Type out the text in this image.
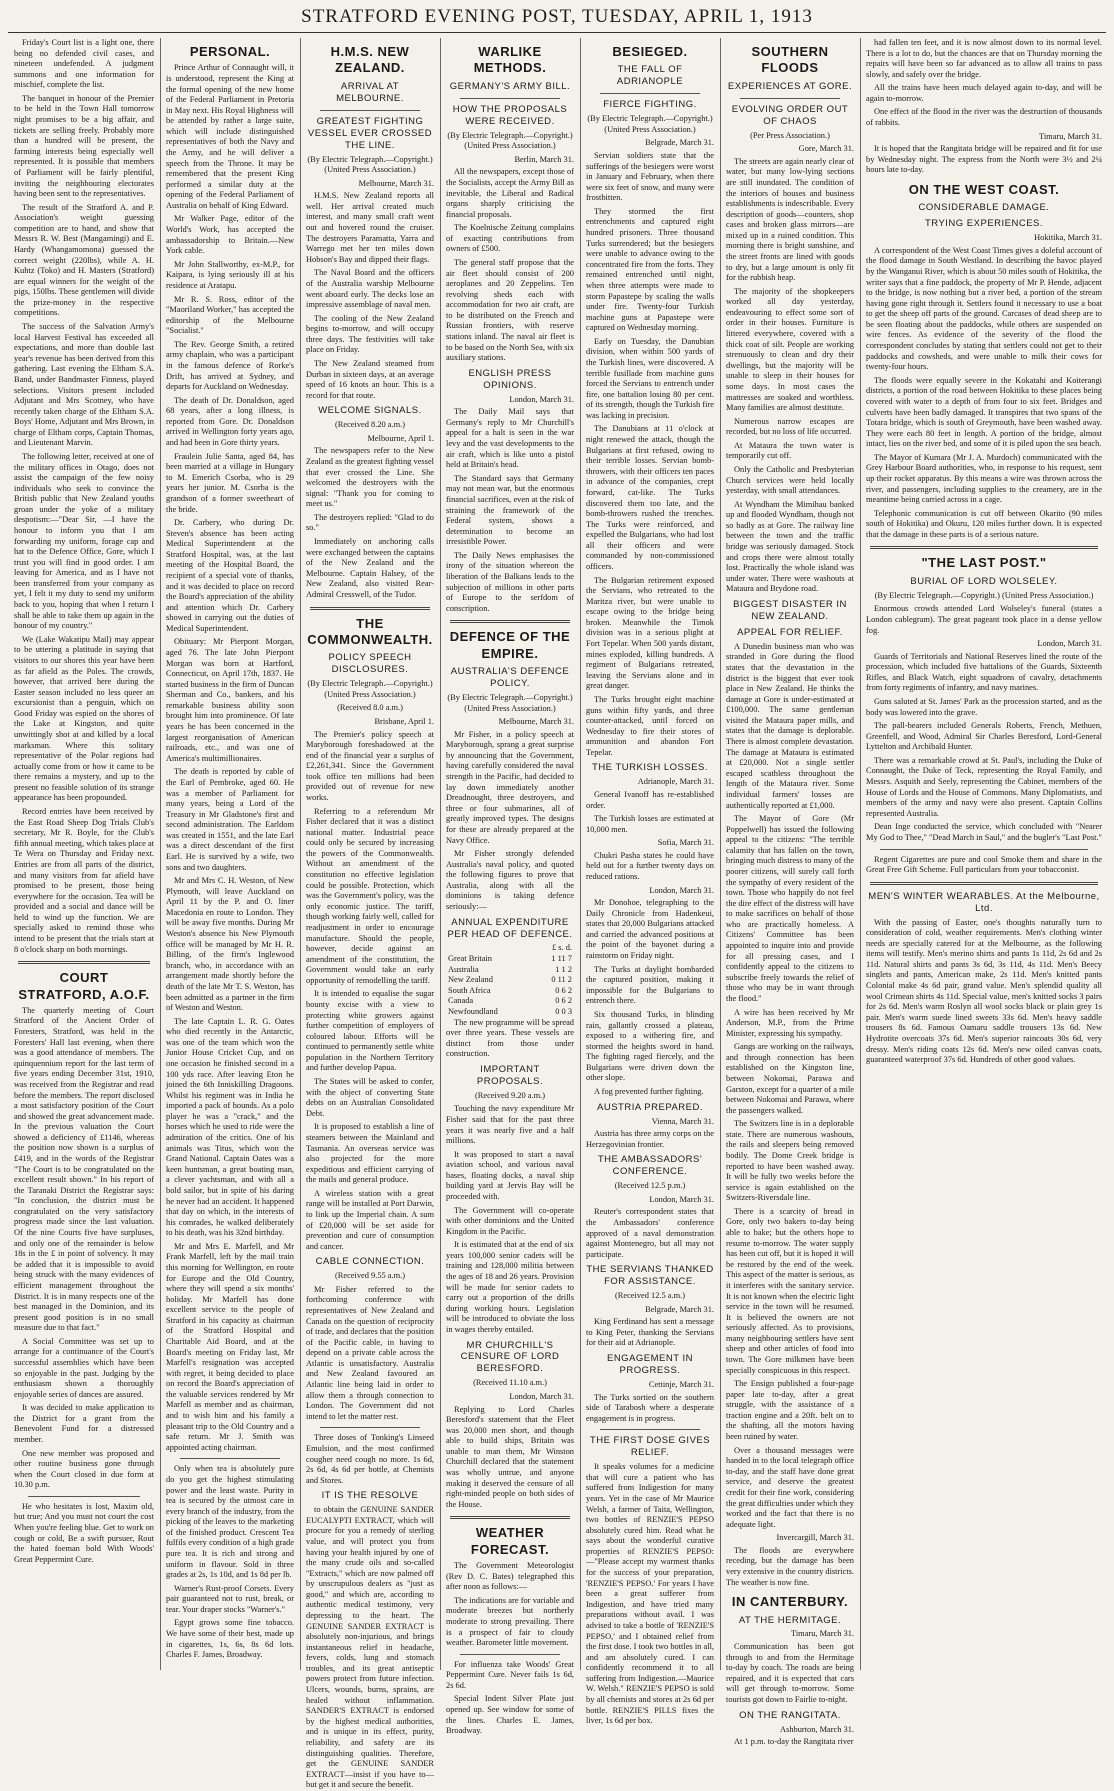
STRATFORD EVENING POST, TUESDAY, APRIL 1, 1913

Friday's Court list is a light one, there being no defended civil cases, and nineteen undefended. A judgment summons and one information for mischief, complete the list.

The banquet in honour of the Premier to be held in the Town Hall tomorrow night promises to be a big affair, and tickets are selling freely. Probably more than a hundred will be present, the farming interests being especially well represented. It is possible that members of Parliament will be fairly plentiful, inviting the neighbouring electorates having been sent to the representatives.

The result of the Stratford A. and P. Association's weight guessing competition are to hand, and show that Messrs R. W. Best (Mangamingi) and E. Hardy (Whangamomona) guessed the correct weight (220lbs), while A. H. Kuhtz (Toko) and H. Masters (Stratford) are equal winners for the weight of the pigs, 150lbs. These gentlemen will divide the prize-money in the respective competitions.

The success of the Salvation Army's local Harvest Festival has exceeded all expectations, and more than double last year's revenue has been derived from this gathering. Last evening the Eltham S.A. Band, under Bandmaster Finness, played selections. Visitors present included Adjutant and Mrs Scotney, who have recently taken charge of the Eltham S.A. Boys' Home, Adjutant and Mrs Brown, in charge of Eltham corps, Captain Thomas, and Lieutenant Marvin.

The following letter, received at one of the military offices in Otago, does not assist the campaign of the few noisy individuals who seek to convince the British public that New Zealand youths groan under the yoke of a military despotism:—"Dear Sir, —I have the honour to inform you that I am forwarding my uniform, forage cap and hat to the Defence Office, Gore, which I trust you will find in good order. I am leaving for America, and as I have not been transferred from your company as yet, I felt it my duty to send my uniform back to you, hoping that when I return I shall be able to take them up again in the honour of my country."

We (Lake Wakatipu Mail) may appear to be uttering a platitude in saying that visitors to our shores this year have been as far afield as the Poles. The crowds, however, that arrived here during the Easter season included no less queer an excursionist than a penguin, which on Good Friday was espied on the shores of the Lake at Kingston, and quite unwittingly shot at and killed by a local marksman. Where this solitary representative of the Polar regions had actually come from or how it came to be there remains a mystery, and up to the present no feasible solution of its strange appearance has been propounded.

Record entries have been received by the East Road Sheep Dog Trials Club's secretary, Mr R. Boyle, for the Club's fifth annual meeting, which takes place at Te Wera on Thursday and Friday next. Entries are from all parts of the district, and many visitors from far afield have promised to be present, those being everywhere for the occasion. Tea will be provided and a social and dance will be held to wind up the function. We are specially asked to remind those who intend to be present that the trials start at 8 o'clock sharp on both mornings.

COURT STRATFORD, A.O.F.

The quarterly meeting of Court Stratford of the Ancient Order of Foresters, Stratford, was held in the Foresters' Hall last evening, when there was a good attendance of members. The quinquennium report for the last term of five years ending December 31st, 1910, was received from the Registrar and read before the members. The report disclosed a most satisfactory position of the Court and showed the great advancement made. In the previous valuation the Court showed a deficiency of £1146, whereas the position now shown is a surplus of £419, and in the words of the Registrar "The Court is to be congratulated on the excellent result shown." In his report of the Taranaki District the Registrar says: "In conclusion, the district must be congratulated on the very satisfactory progress made since the last valuation. Of the nine Courts five have surpluses, and only one of the remainder is below 18s in the £ in point of solvency. It may be added that it is impossible to avoid being struck with the many evidences of efficient management throughout the District. It is in many respects one of the best managed in the Dominion, and its present good position is in no small measure due to that fact."

A Social Committee was set up to arrange for a continuance of the Court's successful assemblies which have been so enjoyable in the past. Judging by the enthusiasm shown a thoroughly enjoyable series of dances are assured.

It was decided to make application to the District for a grant from the Benevolent Fund for a distressed member.

One new member was proposed and other routine business gone through when the Court closed in due form at 10.30 p.m.

He who hesitates is lost, Maxim old, but true; And you must not court the cost When you're feeling blue. Get to work on cough or cold, Be a swift pursuer, Rout the hated foeman bold With Woods' Great Peppermint Cure.

PERSONAL.

Prince Arthur of Connaught will, it is understood, represent the King at the formal opening of the new home of the Federal Parliament in Pretoria in May next. His Royal Highness will be attended by rather a large suite, which will include distinguished representatives of both the Navy and the Army, and he will deliver a speech from the Throne. It may be remembered that the present King performed a similar duty at the opening of the Federal Parliament of Australia on behalf of King Edward.

Mr Walker Page, editor of the World's Work, has accepted the ambassadorship to Britain.—New York cable.

Mr John Stallworthy, ex-M.P., for Kaipara, is lying seriously ill at his residence at Aratapu.

Mr R. S. Ross, editor of the "Maoriland Worker," has accepted the editorship of the Melbourne "Socialist."

The Rev. George Smith, a retired army chaplain, who was a participant in the famous defence of Rorke's Drift, has arrived at Sydney, and departs for Auckland on Wednesday.

The death of Dr. Donaldson, aged 68 years, after a long illness, is reported from Gore. Dr. Donaldson arrived in Wellington forty years ago, and had been in Gore thirty years.

Fraulein Julie Santa, aged 84, has been married at a village in Hungary to M. Emerich Csorba, who is 29 years her junior. M. Csorba is the grandson of a former sweetheart of the bride.

Dr. Carbery, who during Dr. Steven's absence has been acting Medical Superintendent at the Stratford Hospital, was, at the last meeting of the Hospital Board, the recipient of a special vote of thanks, and it was decided to place on record the Board's appreciation of the ability and attention which Dr. Carbery showed in carrying out the duties of Medical Superintendent.

Obituary: Mr Pierpont Morgan, aged 76. The late John Pierpont Morgan was born at Hartford, Connecticut, on April 17th, 1837. He started business in the firm of Duncan Sherman and Co., bankers, and his remarkable business ability soon brought him into prominence. Of late years he has been concerned in the largest reorganisation of American railroads, etc., and was one of America's multimillionaires.

The death is reported by cable of the Earl of Pembroke, aged 60. He was a member of Parliament for many years, being a Lord of the Treasury in Mr Gladstone's first and second administration. The Earldom was created in 1551, and the late Earl was a direct descendant of the first Earl. He is survived by a wife, two sons and two daughters.

Mr and Mrs C. H. Weston, of New Plymouth, will leave Auckland on April 11 by the P. and O. liner Macedonia en route to London. They will be away five months. During Mr Weston's absence his New Plymouth office will be managed by Mr H. R. Billing, of the firm's Inglewood branch, who, in accordance with an arrangement made shortly before the death of the late Mr T. S. Weston, has been admitted as a partner in the firm of Weston and Weston.

The late Captain L. R. G. Oates who died recently in the Antarctic, was one of the team which won the Junior House Cricket Cup, and on one occasion he finished second in a 100 yds race. After leaving Eton he joined the 6th Inniskilling Dragoons. Whilst his regiment was in India he imported a pack of hounds. As a polo player he was a "crack," and the horses which he used to ride were the admiration of the critics. One of his animals was Titus, which won the Grand National. Captain Oates was a keen huntsman, a great boating man, a clever yachtsman, and with all a bold sailor, but in spite of his daring he never had an accident. It happened that day on which, in the interests of his comrades, he walked deliberately to his death, was his 32nd birthday.

Mr and Mrs E. Marfell, and Mr Frank Marfell, left by the mail train this morning for Wellington, en route for Europe and the Old Country, where they will spend a six months' holiday. Mr Marfell has done excellent service to the people of Stratford in his capacity as chairman of the Stratford Hospital and Charitable Aid Board, and at the Board's meeting on Friday last, Mr Marfell's resignation was accepted with regret, it being decided to place on record the Board's appreciation of the valuable services rendered by Mr Marfell as member and as chairman, and to wish him and his family a pleasant trip to the Old Country and a safe return. Mr J. Smith was appointed acting chairman.

Only when tea is absolutely pure do you get the highest stimulating power and the least waste. Purity in tea is secured by the utmost care in every branch of the industry, from the picking of the leaves to the marketing of the finished product. Crescent Tea fulfils every condition of a high grade pure tea. It is rich and strong and uniform in flavour. Sold in three grades at 2s, 1s 10d, and 1s 8d per lb.

Warner's Rust-proof Corsets. Every pair guaranteed not to rust, break, or tear. Your draper stocks "Warner's."

Egypt grows some fine tobacco. We have some of their best, made up in cigarettes, 1s, 6s, 8s 6d lots. Charles F. James, Broadway.

H.M.S. NEW ZEALAND.
ARRIVAL AT MELBOURNE.
GREATEST FIGHTING VESSEL EVER CROSSED THE LINE.

(By Electric Telegraph.—Copyright.) (United Press Association.)

Melbourne, March 31.

H.M.S. New Zealand reports all well. Her arrival created much interest, and many small craft went out and hovered round the cruiser. The destroyers Paramatta, Yarra and Warrego met her ten miles down Hobson's Bay and dipped their flags.

The Naval Board and the officers of the Australia warship Melbourne went aboard early. The decks lose an impressive assemblage of naval men.

The cooling of the New Zealand begins to-morrow, and will occupy three days. The festivities will take place on Friday.

The New Zealand steamed from Durban in sixteen days, at an average speed of 16 knots an hour. This is a record for that route.

WELCOME SIGNALS.

(Received 8.20 a.m.)

Melbourne, April 1.

The newspapers refer to the New Zealand as the greatest fighting vessel that ever crossed the Line. She welcomed the destroyers with the signal: "Thank you for coming to meet us."

The destroyers replied: "Glad to do so."

Immediately on anchoring calls were exchanged between the captains of the New Zealand and the Melbourne. Captain Halsey, of the New Zealand, also visited Rear-Admiral Cresswell, of the Tudor.

THE COMMONWEALTH.
POLICY SPEECH DISCLOSURES.

(By Electric Telegraph.—Copyright.) (United Press Association.)

(Received 8.0 a.m.)

Brisbane, April 1.

The Premier's policy speech at Maryborough foreshadowed at the end of the financial year a surplus of £2,261,341. Since the Government took office ten millions had been provided out of revenue for new works.

Referring to a referendum Mr Fisher declared that it was a distinct national matter. Industrial peace could only be secured by increasing the powers of the Commonwealth. Without an amendment of the constitution no effective legislation could be possible. Protection, which was the Government's policy, was the only economic justice. The tariff, though working fairly well, called for readjustment in order to encourage manufacture. Should the people, however, decide against an amendment of the constitution, the Government would take an early opportunity of remodelling the tariff.

It is intended to equalise the sugar bounty excise with a view to protecting white growers against further competition of employers of coloured labour. Efforts will be continued to permanently settle white population in the Northern Territory and further develop Papua.

The States will be asked to confer, with the object of converting State debts on an Australian Consolidated Debt.

It is proposed to establish a line of steamers between the Mainland and Tasmania. An overseas service was also projected for the more expeditious and efficient carrying of the mails and general produce.

A wireless station with a great range will be installed at Port Darwin, to link up the Imperial chain. A sum of £20,000 will be set aside for prevention and cure of consumption and cancer.

CABLE CONNECTION.

(Received 9.55 a.m.)

Mr Fisher referred to the forthcoming conference with representatives of New Zealand and Canada on the question of reciprocity of trade, and declares that the position of the Pacific cable, in having to depend on a private cable across the Atlantic is unsatisfactory. Australia and New Zealand favoured an Atlantic line being laid in order to allow them a through connection to London. The Government did not intend to let the matter rest.

Three doses of Tonking's Linseed Emulsion, and the most confirmed cougher need cough no more. 1s 6d, 2s 6d, 4s 6d per bottle, at Chemists and Stores.

IT IS THE RESOLVE

to obtain the GENUINE SANDER EUCALYPTI EXTRACT, which will procure for you a remedy of sterling value, and will protect you from having your health injured by one of the many crude oils and so-called "Extracts," which are now palmed off by unscrupulous dealers as "just as good," and which are, according to authentic medical testimony, very depressing to the heart. The GENUINE SANDER EXTRACT is absolutely non-injurious, and brings instantaneous relief in headache, fevers, colds, lung and stomach troubles, and its great antiseptic powers protect from future infection. Ulcers, wounds, burns, sprains, are healed without inflammation. SANDER'S EXTRACT is endorsed by the highest medical authorities, and is unique in its effect, purity, reliability, and safety are its distinguishing qualities. Therefore, get the GENUINE SANDER EXTRACT—insist if you have to—but get it and secure the benefit.

WARLIKE METHODS.
GERMANY'S ARMY BILL.
HOW THE PROPOSALS WERE RECEIVED.

(By Electric Telegraph.—Copyright.) (United Press Association.)

Berlin, March 31.

All the newspapers, except those of the Socialists, accept the Army Bill as inevitable, the Liberal and Radical organs sharply criticising the financial proposals.

The Koelnische Zeitung complains of exacting contributions from owners of £500.

The general staff propose that the air fleet should consist of 200 aeroplanes and 20 Zeppelins. Ten revolving sheds each with accommodation for two air craft, are to be distributed on the French and Russian frontiers, with reserve stations inland. The naval air fleet is to be based on the North Sea, with six auxiliary stations.

ENGLISH PRESS OPINIONS.

London, March 31.

The Daily Mail says that Germany's reply to Mr Churchill's appeal for a halt is seen in the war levy and the vast developments to the air craft, which is like unto a pistol held at Britain's head.

The Standard says that Germany may not mean war, but the enormous financial sacrifices, even at the risk of straining the framework of the Federal system, shows a determination to become an irresistible Power.

The Daily News emphasises the irony of the situation whereon the liberation of the Balkans leads to the subjection of millions in other parts of Europe to the serfdom of conscription.

DEFENCE OF THE EMPIRE.
AUSTRALIA'S DEFENCE POLICY.

(By Electric Telegraph.—Copyright.) (United Press Association.)

Melbourne, March 31.

Mr Fisher, in a policy speech at Maryborough, sprang a great surprise by announcing that the Government, having carefully considered the naval strength in the Pacific, had decided to lay down immediately another Dreadnought, three destroyers, and three or four submarines, all of greatly improved types. The designs for these are already prepared at the Navy Office.

Mr Fisher strongly defended Australia's naval policy, and quoted the following figures to prove that Australia, along with all the dominions is taking defence seriously:—

ANNUAL EXPENDITURE PER HEAD OF DEFENCE.
	£ s. d.
Great Britain	1 11 7
Australia	1 1 2
New Zealand	0 11 2
South Africa	0 6 2
Canada	0 6 2
Newfoundland	0 0 3

The new programme will be spread over three years. These vessels are distinct from those under construction.

IMPORTANT PROPOSALS.

(Received 9.20 a.m.)

Touching the navy expenditure Mr Fisher said that for the past three years it was nearly five and a half millions.

It was proposed to start a naval aviation school, and various naval bases, floating docks, a naval ship building yard at Jervis Bay will be proceeded with.

The Government will co-operate with other dominions and the United Kingdom in the Pacific.

It is estimated that at the end of six years 100,000 senior cadets will be training and 128,000 militia between the ages of 18 and 26 years. Provision will be made for senior cadets to carry out a proportion of the drills during working hours. Legislation will be introduced to obviate the loss in wages thereby entailed.

MR CHURCHILL'S CENSURE OF LORD BERESFORD.

(Received 11.10 a.m.)

London, March 31.

Replying to Lord Charles Beresford's statement that the Fleet was 20,000 men short, and though able to build ships, Britain was unable to man them, Mr Winston Churchill declared that the statement was wholly untrue, and anyone making it deserved the censure of all right-minded people on both sides of the House.

WEATHER FORECAST.

The Government Meteorologist (Rev D. C. Bates) telegraphed this after noon as follows:—

The indications are for variable and moderate breezes but northerly moderate to strong prevailing. There is a prospect of fair to cloudy weather. Barometer little movement.

For influenza take Woods' Great Peppermint Cure. Never fails 1s 6d, 2s 6d.

Special Indent Silver Plate just opened up. See window for some of the lines. Charles E. James, Broadway.

BESIEGED.
THE FALL OF ADRIANOPLE
FIERCE FIGHTING.

(By Electric Telegraph.—Copyright.) (United Press Association.)

Belgrade, March 31.

Servian soldiers state that the sufferings of the besiegers were worst in January and February, when there were six feet of snow, and many were frostbitten.

They stormed the first entrenchments and captured eight hundred prisoners. Three thousand Turks surrendered; but the besiegers were unable to advance owing to the concentrated fire from the forts. They remained entrenched until night, when three attempts were made to storm Papastepe by scaling the walls under fire. Twenty-four Turkish machine guns at Papastepe were captured on Wednesday morning.

Early on Tuesday, the Danubian division, when within 500 yards of the Turkish lines, were discovered. A terrible fusillade from machine guns forced the Servians to entrench under fire, one battalion losing 80 per cent. of its strength, though the Turkish fire was lacking in precision.

The Danubians at 11 o'clock at night renewed the attack, though the Bulgarians at first refused, owing to their terrible losses. Servian bomb-throwers, with their officers ten paces in advance of the companies, crept forward, cat-like. The Turks discovered them too late, and the bomb-throwers rushed the trenches. The Turks were reinforced, and expelled the Bulgarians, who had lost all their officers and were commanded by non-commissioned officers.

The Bulgarian retirement exposed the Servians, who retreated to the Maritza river, but were unable to escape owing to the bridge being broken. Meanwhile the Timok division was in a serious plight at Fort Tepelar. When 500 yards distant, mines exploded, killing hundreds. A regiment of Bulgarians retreated, leaving the Servians alone and in great danger.

The Turks brought eight machine guns within fifty yards, and three counter-attacked, until forced on Wednesday to fire their stores of ammunition and abandon Fort Tepelar.

THE TURKISH LOSSES.

Adrianople, March 31.

General Ivanoff has re-established order.

The Turkish losses are estimated at 10,000 men.

Sofia, March 31.

Chukri Pasha states he could have held out for a further twenty days on reduced rations.

London, March 31.

Mr Donohoe, telegraphing to the Daily Chronicle from Hadenkeui, states that 20,000 Bulgarians attacked and carried the advanced positions at the point of the bayonet during a rainstorm on Friday night.

The Turks at daylight bombarded the captured position, making it impossible for the Bulgarians to entrench there.

Six thousand Turks, in blinding rain, gallantly crossed a plateau, exposed to a withering fire, and stormed the heights sword in hand. The fighting raged fiercely, and the Bulgarians were driven down the other slope.

A fog prevented further fighting.

AUSTRIA PREPARED.

Vienna, March 31.

Austria has three army corps on the Herzegovinian frontier.

THE AMBASSADORS' CONFERENCE.

(Received 12.5 p.m.)

London, March 31.

Reuter's correspondent states that the Ambassadors' conference approved of a naval demonstration against Montenegro, but all may not participate.

THE SERVIANS THANKED FOR ASSISTANCE.

(Received 12.5 a.m.)

Belgrade, March 31.

King Ferdinand has sent a message to King Peter, thanking the Servians for their aid at Adrianople.

ENGAGEMENT IN PROGRESS.

Cettinje, March 31.

The Turks sortied on the southern side of Tarabosh where a desperate engagement is in progress.

THE FIRST DOSE GIVES RELIEF.

It speaks volumes for a medicine that will cure a patient who has suffered from Indigestion for many years. Yet in the case of Mr Maurice Welsh, a farmer of Taita, Wellington, two bottles of RENZIE'S PEPSO absolutely cured him. Read what he says about the wonderful curative properties of RENZIE'S PEPSO:—"Please accept my warmest thanks for the success of your preparation, 'RENZIE'S PEPSO.' For years I have been a great sufferer from Indigestion, and have tried many preparations without avail. I was advised to take a bottle of 'RENZIE'S PEPSO,' and I obtained relief from the first dose. I took two bottles in all, and am absolutely cured. I can confidently recommend it to all suffering from Indigestion.—Maurice W. Welsh." RENZIE'S PEPSO is sold by all chemists and stores at 2s 6d per bottle. RENZIE'S PILLS fixes the liver, 1s 6d per box.

SOUTHERN FLOODS
EXPERIENCES AT GORE.
EVOLVING ORDER OUT OF CHAOS

(Per Press Association.)

Gore, March 31.

The streets are again nearly clear of water, but many low-lying sections are still inundated. The condition of the interiors of houses and business establishments is indescribable. Every description of goods—counters, shop cases and broken glass mirrors—are mixed up in a ruined condition. This morning there is bright sunshine, and the street fronts are lined with goods to dry, but a large amount is only fit for the rubbish heap.

The majority of the shopkeepers worked all day yesterday, endeavouring to effect some sort of order in their houses. Furniture is littered everywhere, covered with a thick coat of silt. People are working strenuously to clean and dry their dwellings, but the majority will be unable to sleep in their houses for some days. In most cases the mattresses are soaked and worthless. Many families are almost destitute.

Numerous narrow escapes are recorded, but no loss of life occurred.

At Mataura the town water is temporarily cut off.

Only the Catholic and Presbyterian Church services were held locally yesterday, with small attendances.

At Wyndham the Mimihau banked up and flooded Wyndham, though not so badly as at Gore. The railway line between the town and the traffic bridge was seriously damaged. Stock and crops there were almost totally lost. Practically the whole island was under water. There were washouts at Mataura and Brydone road.

BIGGEST DISASTER IN NEW ZEALAND.
APPEAL FOR RELIEF.

A Dunedin business man who was stranded in Gore during the flood states that the devastation in the district is the biggest that ever took place in New Zealand. He thinks the damage at Gore is under-estimated at £100,000. The same gentleman visited the Mataura paper mills, and states that the damage is deplorable. There is almost complete devastation. The damage at Mataura is estimated at £20,000. Not a single settler escaped scathless throughout the length of the Mataura river. Some individual farmers' losses are authentically reported at £1,000.

The Mayor of Gore (Mr Poppelwell) has issued the following appeal to the citizens: "The terrible calamity that has fallen on the town, bringing much distress to many of the poorer citizens, will surely call forth the sympathy of every resident of the town. Those who happily do not feel the dire effect of the distress will have to make sacrifices on behalf of those who are practically homeless. A Citizens' Committee has been appointed to inquire into and provide for all pressing cases, and I confidently appeal to the citizens to subscribe freely towards the relief of those who may be in want through the flood."

A wire has been received by Mr Anderson, M.P., from the Prime Minister, expressing his sympathy.

Gangs are working on the railways, and through connection has been established on the Kingston line, between Nokomai, Parawa and Garston, except for a quarter of a mile between Nokomai and Parawa, where the passengers walked.

The Switzers line is in a deplorable state. There are numerous washouts, the rails and sleepers being removed bodily. The Dome Creek bridge is reported to have been washed away. It will be fully two weeks before the service is again established on the Switzers-Riversdale line.

There is a scarcity of bread in Gore, only two bakers to-day being able to bake; but the others hope to resume to-morrow. The water supply has been cut off, but it is hoped it will be restored by the end of the week. This aspect of the matter is serious, as it interferes with the sanitary service. It is not known when the electric light service in the town will be resumed. It is believed the owners are not seriously affected. As to provisions, many neighbouring settlers have sent sheep and other articles of food into town. The Gore milkmen have been specially conspicuous in this respect.

The Ensign published a four-page paper late to-day, after a great struggle, with the assistance of a traction engine and a 20ft. belt on to the shafting, all the motors having been ruined by water.

Over a thousand messages were handed in to the local telegraph office to-day, and the staff have done great service, and deserve the greatest credit for their fine work, considering the great difficulties under which they worked and the fact that there is no adequate light.

Invercargill, March 31.

The floods are everywhere receding, but the damage has been very extensive in the country districts. The weather is now fine.

IN CANTERBURY.
AT THE HERMITAGE.

Timaru, March 31.

Communication has been got through to and from the Hermitage to-day by coach. The roads are being repaired, and it is expected that cars will get through to-morrow. Some tourists got down to Fairlie to-night.

ON THE RANGITATA.

Ashburton, March 31.

At 1 p.m. to-day the Rangitata river

had fallen ten feet, and it is now almost down to its normal level. There is a lot to do, but the chances are that on Thursday morning the repairs will have been so far advanced as to allow all trains to pass slowly, and safely over the bridge.

All the trains have been much delayed again to-day, and will be again to-morrow.

One effect of the flood in the river was the destruction of thousands of rabbits.

Timaru, March 31.

It is hoped that the Rangitata bridge will be repaired and fit for use by Wednesday night. The express from the North were 3½ and 2¼ hours late to-day.

ON THE WEST COAST.
CONSIDERABLE DAMAGE.
TRYING EXPERIENCES.

Hokitika, March 31.

A correspondent of the West Coast Times gives a doleful account of the flood damage in South Westland. In describing the havoc played by the Wanganui River, which is about 50 miles south of Hokitika, the writer says that a fine paddock, the property of Mr P. Hende, adjacent to the bridge, is now nothing but a river bed, a portion of the stream having gone right through it. Settlers found it necessary to use a boat to get the sheep off parts of the ground. Carcases of dead sheep are to be seen floating about the paddocks, while others are suspended on wire fences. As evidence of the severity of the flood the correspondent concludes by stating that settlers could not get to their paddocks and cowsheds, and were unable to milk their cows for twenty-four hours.

The floods were equally severe in the Kokatahi and Koiterangi districts, a portion of the road between Hokitika to these places being covered with water to a depth of from four to six feet. Bridges and culverts have been badly damaged. It transpires that two spans of the Totara bridge, which is south of Greymouth, have been washed away. They were each 80 feet in length. A portion of the bridge, almost intact, lies on the river bed, and some of it is piled upon the sea beach.

The Mayor of Kumara (Mr J. A. Murdoch) communicated with the Grey Harbour Board authorities, who, in response to his request, sent up their rocket apparatus. By this means a wire was thrown across the river, and passengers, including supplies to the creamery, are in the meantime being carried across in a cage.

Telephonic communication is cut off between Okarito (90 miles south of Hokitika) and Okuru, 120 miles further down. It is expected that the damage in these parts is of a serious nature.

"THE LAST POST."
BURIAL OF LORD WOLSELEY.

(By Electric Telegraph.—Copyright.) (United Press Association.)

Enormous crowds attended Lord Wolseley's funeral (states a London cablegram). The great pageant took place in a dense yellow fog.

London, March 31.

Guards of Territorials and National Reserves lined the route of the procession, which included five battalions of the Guards, Sixteenth Rifles, and Black Watch, eight squadrons of cavalry, detachments from forty regiments of infantry, and navy marines.

Guns saluted at St. James' Park as the procession started, and as the body was lowered into the grave.

The pall-bearers included Generals Roberts, French, Methuen, Greenfell, and Wood, Admiral Sir Charles Beresford, Lord-General Lyttelton and Archibald Hunter.

There was a remarkable crowd at St. Paul's, including the Duke of Connaught, the Duke of Teck, representing the Royal Family, and Messrs. Asquith and Seely, representing the Cabinet, members of the House of Lords and the House of Commons. Many Diplomatists, and members of the army and navy were also present. Captain Collins represented Australia.

Dean Inge conducted the service, which concluded with "Nearer My God to Thee," "Dead March in Saul," and the bugler's "Last Post."

Regent Cigarettes are pure and cool Smoke them and share in the Great Free Gift Scheme. Full particulars from your tobacconist.

MEN'S WINTER WEARABLES. At the Melbourne, Ltd.

With the passing of Easter, one's thoughts naturally turn to consideration of cold, weather requirements. Men's clothing winter needs are specially catered for at the Melbourne, as the following items will testify. Men's merino shirts and pants 1s 11d, 2s 6d and 2s 11d. Natural shirts and pants 3s 6d, 3s 11d, 4s 11d. Men's Beecy singlets and pants, American make, 2s 11d. Men's knitted pants Colonial make 4s 6d pair, grand value. Men's splendid quality all wool Crimean shirts 4s 11d. Special value, men's knitted socks 3 pairs for 2s 6d. Men's warm Roslyn all wool socks black or plain grey 1s pair. Men's warm suede lined sweets 33s 6d. Men's heavy saddle trousers 8s 6d. Famous Oamaru saddle trousers 13s 6d. New Hydrotite overcoats 37s 6d. Men's superior raincoats 30s 6d, very dressy. Men's riding coats 12s 6d. Men's new oiled canvas coats, guaranteed waterproof 37s 6d. Hundreds of other good values.
